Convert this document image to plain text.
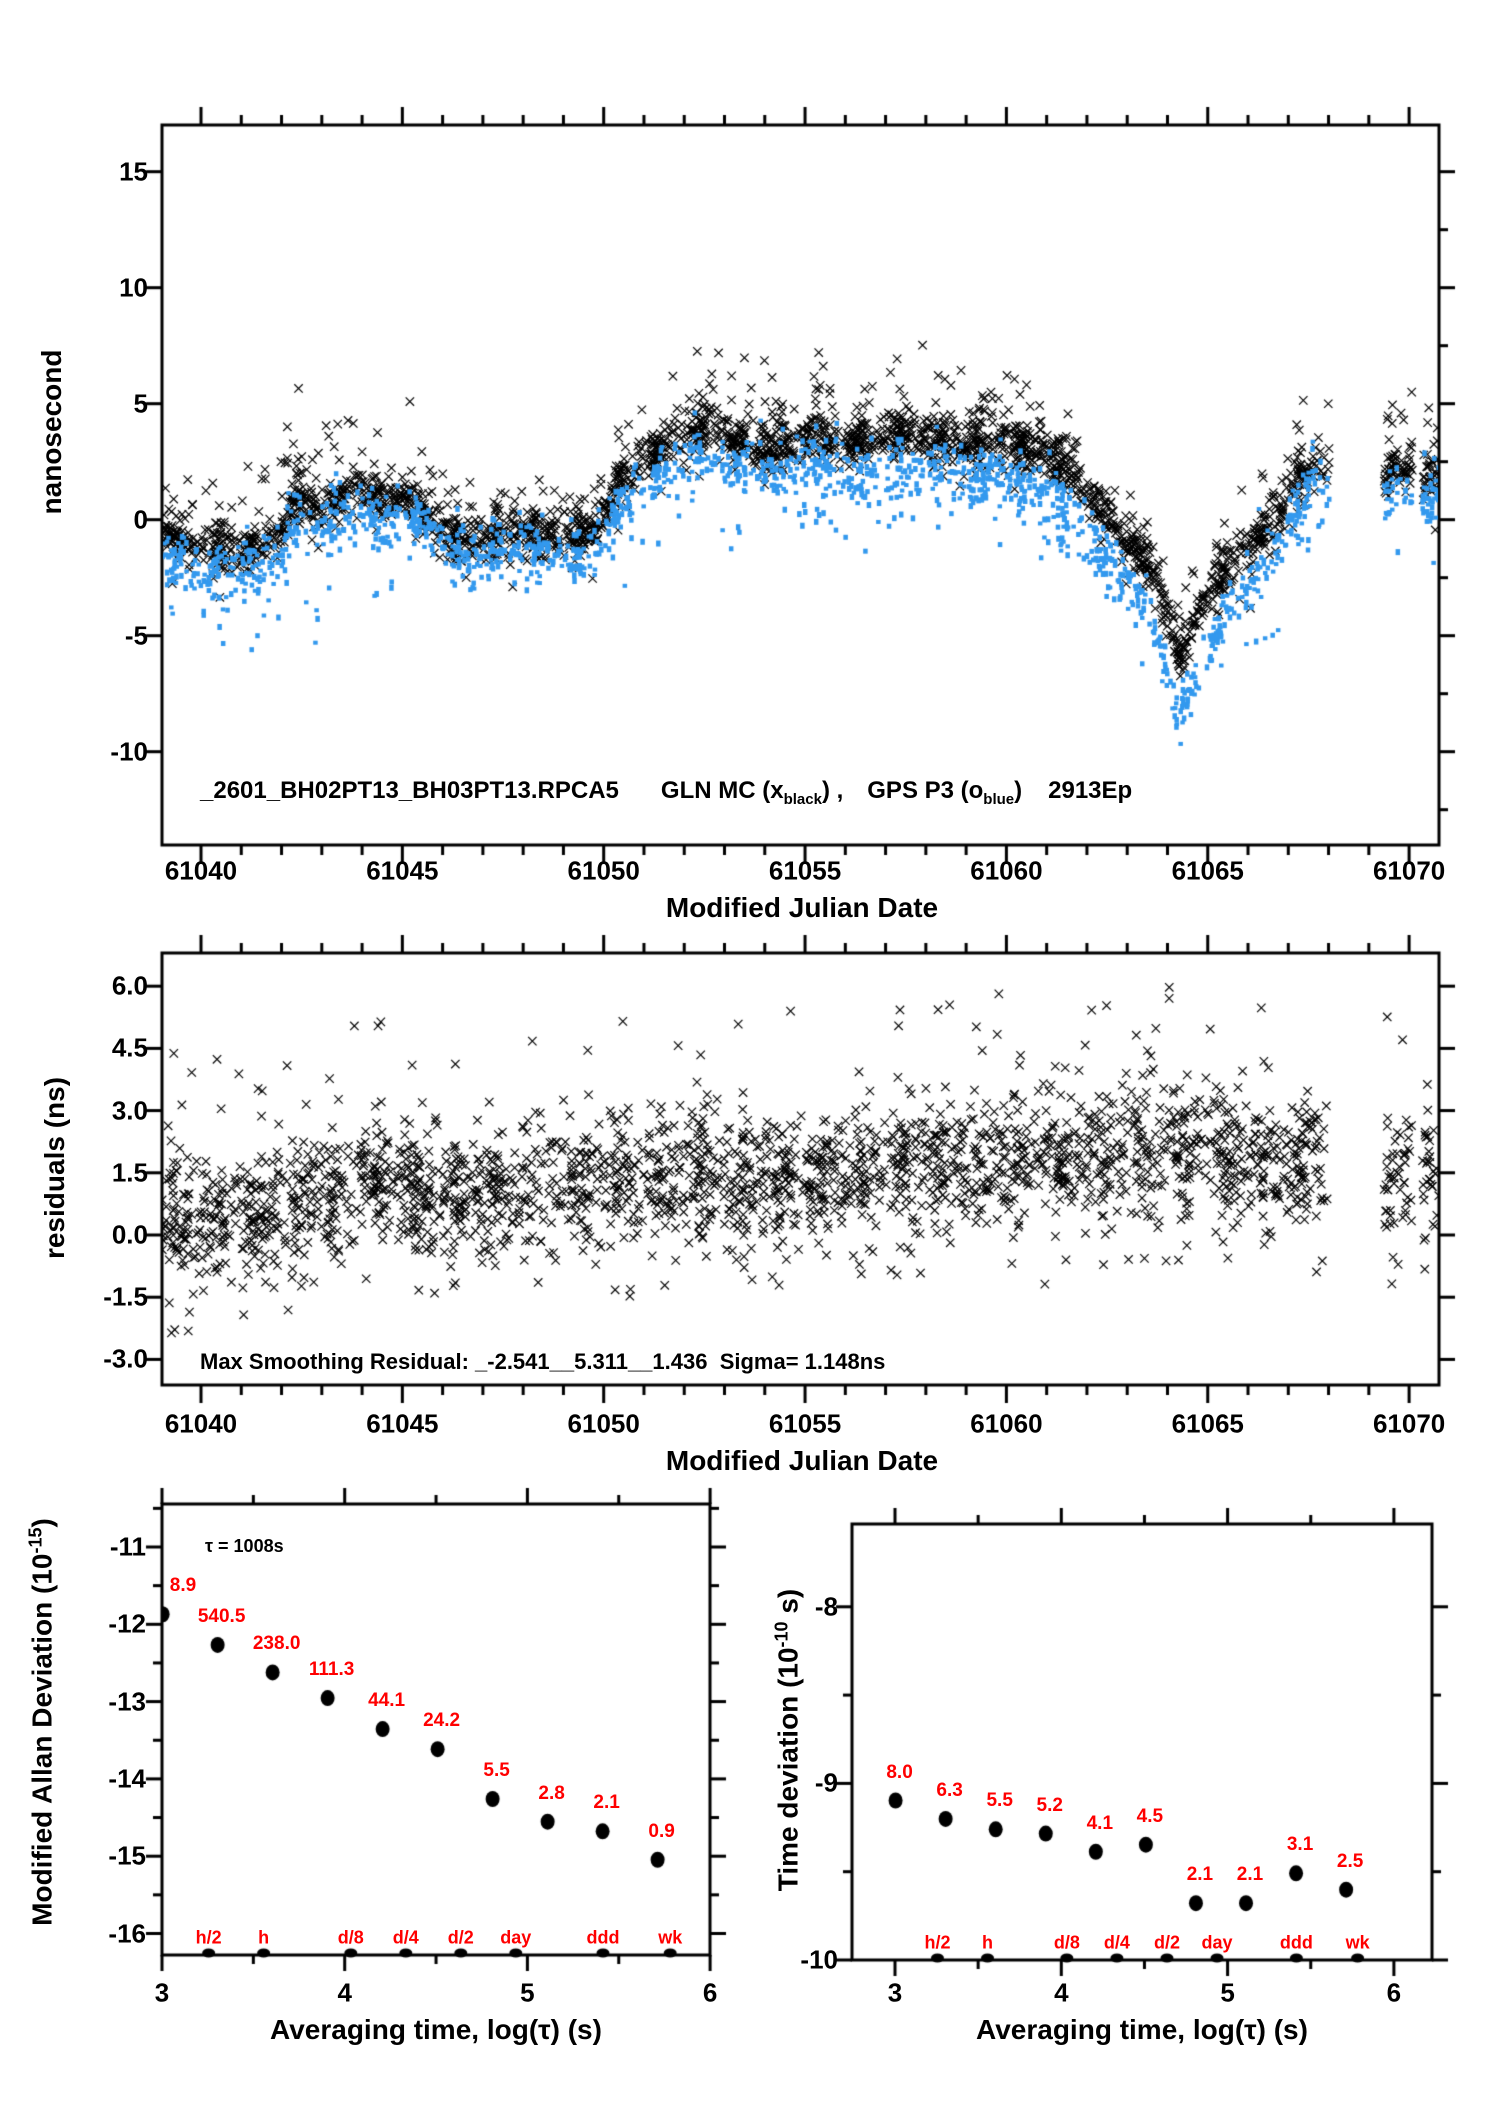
nanosecond
Modified Julian Date
_2601_BH02PT13_BH03PT13.RPCA5 GLN MC (x black ) , GPS P3 (o blue ) 2913Ep
residuals (ns)
Modified Julian Date
Max Smoothing Residual: _-2.541__5.311__1.436  Sigma= 1.148ns
Modified Allan Deviation $(10^{-15})$
Averaging time, log(τ) (s)
τ = 1008s
Time deviation ($10^{-10}$ s)
Averaging time, log(τ) (s)
61040	61045	61050	61055	61060	61065	61070
15
10
5
0
-5
-10
61040	61045	61050	61055	61060	61065	61070
6.0
4.5
3.0
1.5
0.0
-1.5
-3.0
3	4	5	6
-11
-12
-13
-14
-15
-16
8.9
540.5
238.0
111.3
44.1
24.2
5.5
2.8 2.1
0.9
h/2 h	d/8 d/4 d/2 day	ddd wk
3	4	5	6
-8
-9
-10
8.0
6.3 5.5 5.2
4.1 4.5
2.1 2.1
3.1
2.5
h/2 h	d/8 d/4 d/2 day	ddd wk
